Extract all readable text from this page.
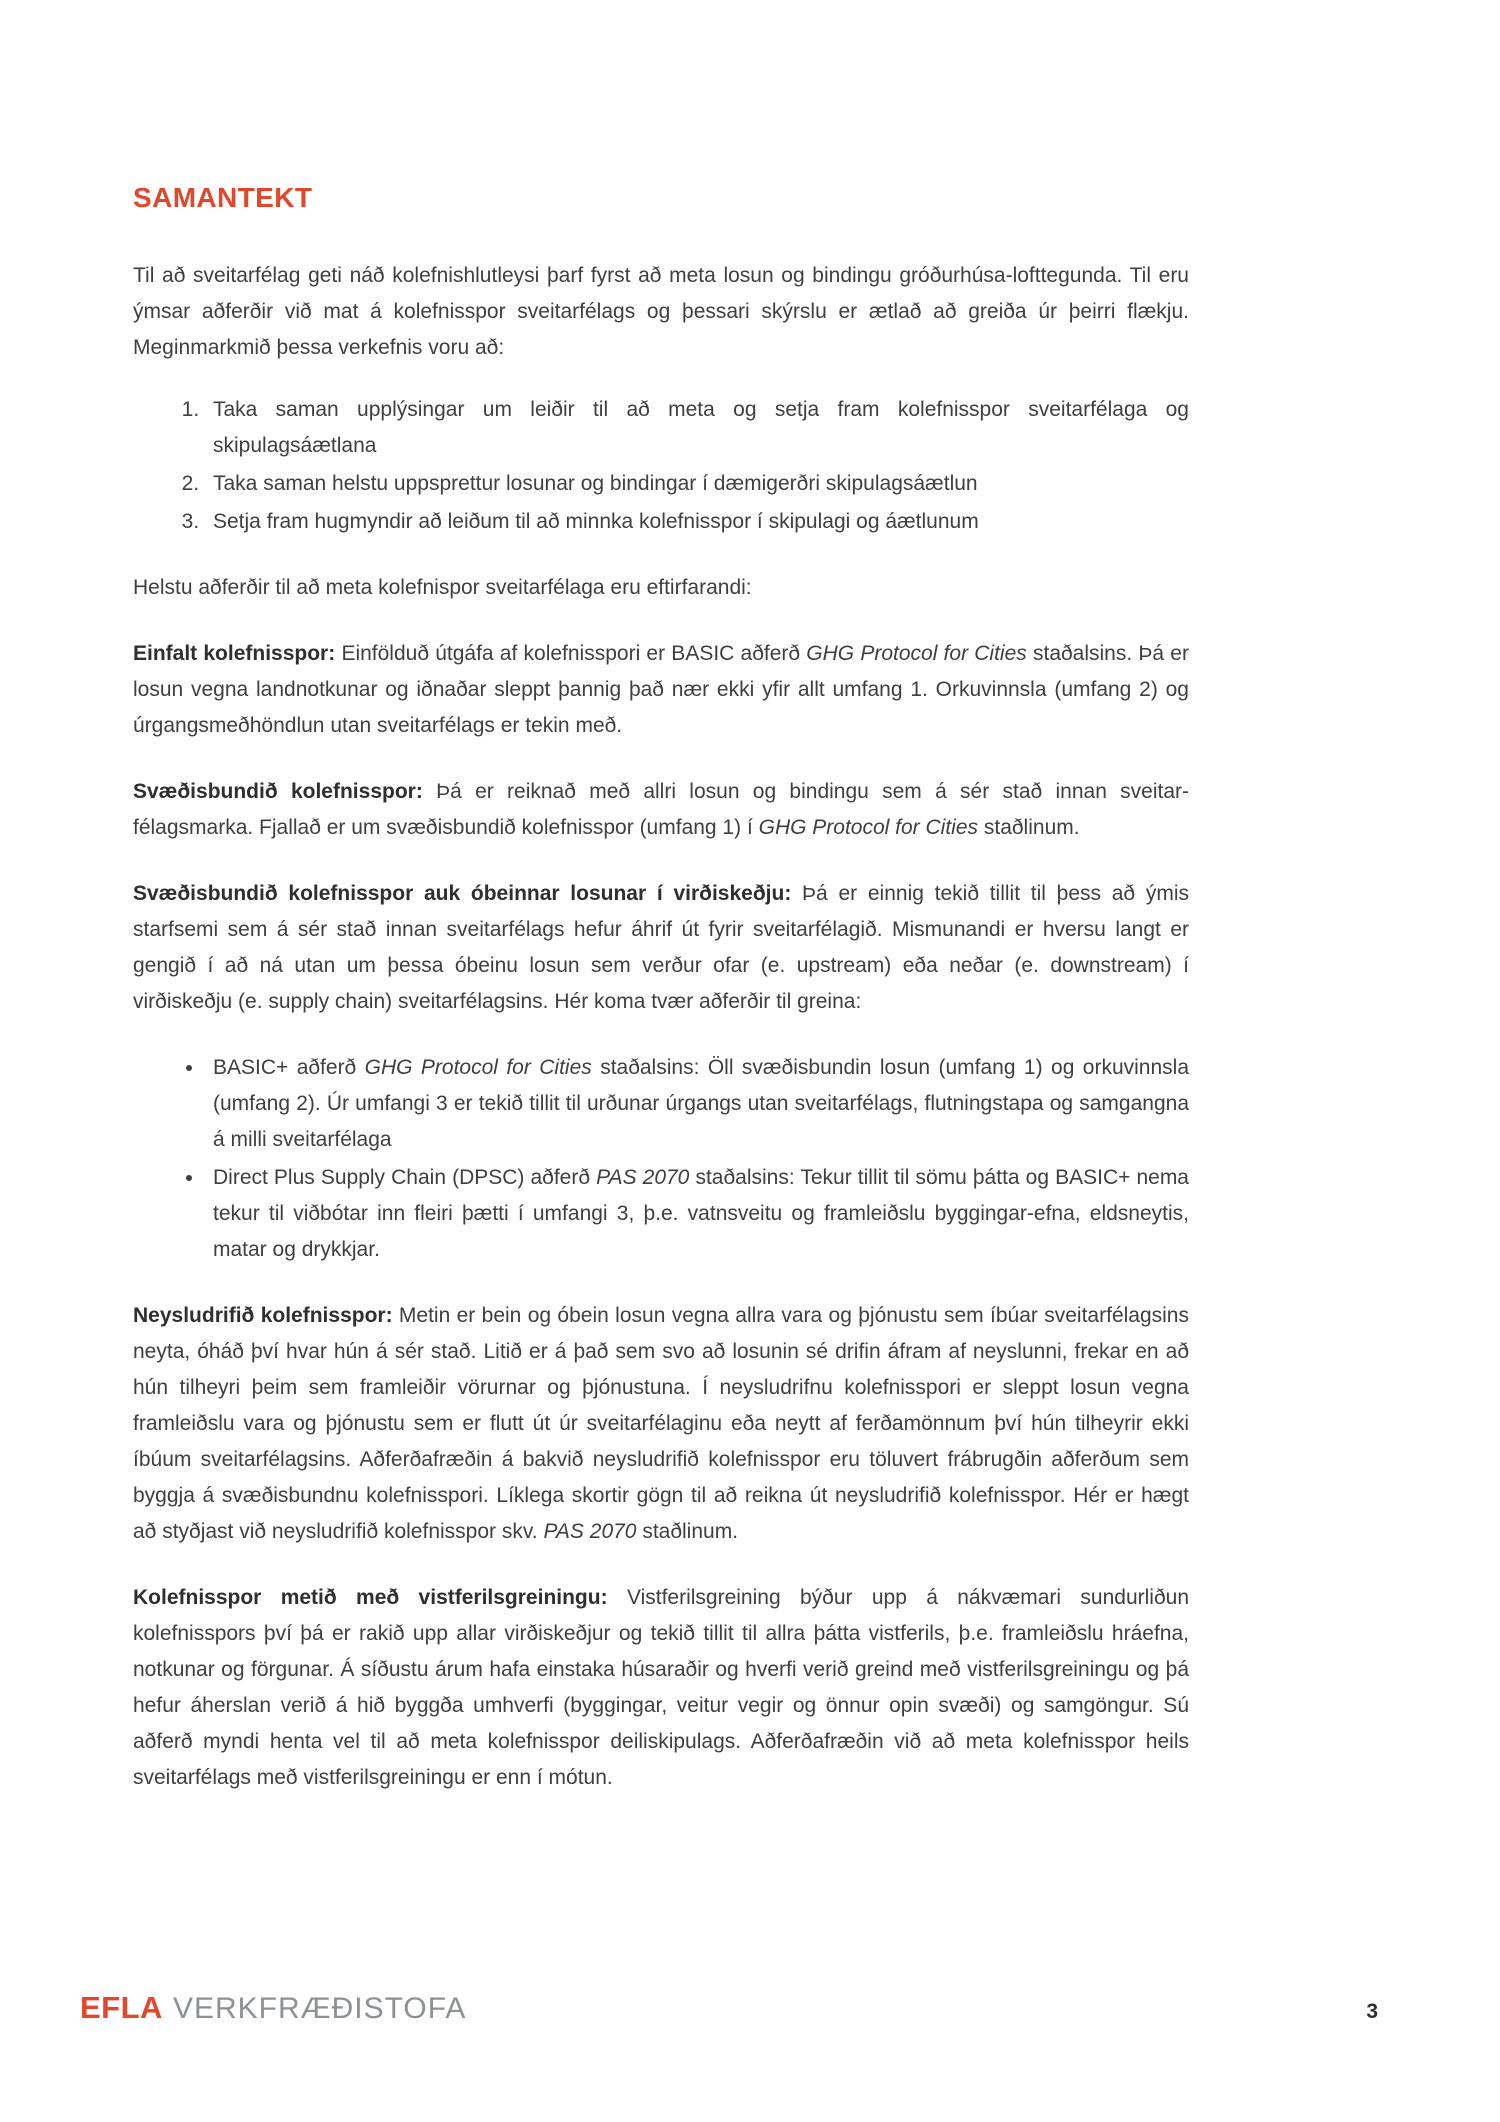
SAMANTEKT

Til að sveitarfélag geti náð kolefnishlutleysi þarf fyrst að meta losun og bindingu gróðurhúsa-lofttegunda. Til eru ýmsar aðferðir við mat á kolefnisspor sveitarfélags og þessari skýrslu er ætlað að greiða úr þeirri flækju. Meginmarkmið þessa verkefnis voru að:

1. Taka saman upplýsingar um leiðir til að meta og setja fram kolefnisspor sveitarfélaga og skipulagsáætlana
2. Taka saman helstu uppsprettur losunar og bindingar í dæmigerðri skipulagsáætlun
3. Setja fram hugmyndir að leiðum til að minnka kolefnisspor í skipulagi og áætlunum

Helstu aðferðir til að meta kolefnispor sveitarfélaga eru eftirfarandi:

Einfalt kolefnisspor: Einfölduð útgáfa af kolefnisspori er BASIC aðferð GHG Protocol for Cities staðalsins. Þá er losun vegna landnotkunar og iðnaðar sleppt þannig það nær ekki yfir allt umfang 1. Orkuvinnsla (umfang 2) og úrgangsmeðhöndlun utan sveitarfélags er tekin með.

Svæðisbundið kolefnisspor: Þá er reiknað með allri losun og bindingu sem á sér stað innan sveitar-félagsmarka. Fjallað er um svæðisbundið kolefnisspor (umfang 1) í GHG Protocol for Cities staðlinum.

Svæðisbundið kolefnisspor auk óbeinnar losunar í virðiskeðju: Þá er einnig tekið tillit til þess að ýmis starfsemi sem á sér stað innan sveitarfélags hefur áhrif út fyrir sveitarfélagið. Mismunandi er hversu langt er gengið í að ná utan um þessa óbeinu losun sem verður ofar (e. upstream) eða neðar (e. downstream) í virðiskeðju (e. supply chain) sveitarfélagsins. Hér koma tvær aðferðir til greina:

• BASIC+ aðferð GHG Protocol for Cities staðalsins: Öll svæðisbundin losun (umfang 1) og orkuvinnsla (umfang 2). Úr umfangi 3 er tekið tillit til urðunar úrgangs utan sveitarfélags, flutningstapa og samgangna á milli sveitarfélaga
• Direct Plus Supply Chain (DPSC) aðferð PAS 2070 staðalsins: Tekur tillit til sömu þátta og BASIC+ nema tekur til viðbótar inn fleiri þætti í umfangi 3, þ.e. vatnsveitu og framleiðslu byggingar-efna, eldsneytis, matar og drykkjar.

Neysludrifið kolefnisspor: Metin er bein og óbein losun vegna allra vara og þjónustu sem íbúar sveitarfélagsins neyta, óháð því hvar hún á sér stað. Litið er á það sem svo að losunin sé drifin áfram af neyslunni, frekar en að hún tilheyri þeim sem framleiðir vörurnar og þjónustuna. Í neysludrifnu kolefnisspori er sleppt losun vegna framleiðslu vara og þjónustu sem er flutt út úr sveitarfélaginu eða neytt af ferðamönnum því hún tilheyrir ekki íbúum sveitarfélagsins. Aðferðafræðin á bakvið neysludrifið kolefnisspor eru töluvert frábrugðin aðferðum sem byggja á svæðisbundnu kolefnisspori. Líklega skortir gögn til að reikna út neysludrifið kolefnisspor. Hér er hægt að styðjast við neysludrifið kolefnisspor skv. PAS 2070 staðlinum.

Kolefnisspor metið með vistferilsgreiningu: Vistferilsgreining býður upp á nákvæmari sundurliðun kolefnisspors því þá er rakið upp allar virðiskeðjur og tekið tillit til allra þátta vistferils, þ.e. framleiðslu hráefna, notkunar og förgunar. Á síðustu árum hafa einstaka húsaraðir og hverfi verið greind með vistferilsgreiningu og þá hefur áherslan verið á hið byggða umhverfi (byggingar, veitur vegir og önnur opin svæði) og samgöngur. Sú aðferð myndi henta vel til að meta kolefnisspor deiliskipulags. Aðferðafræðin við að meta kolefnisspor heils sveitarfélags með vistferilsgreiningu er enn í mótun.

EFLA VERKFRÆÐISTOFA	3
